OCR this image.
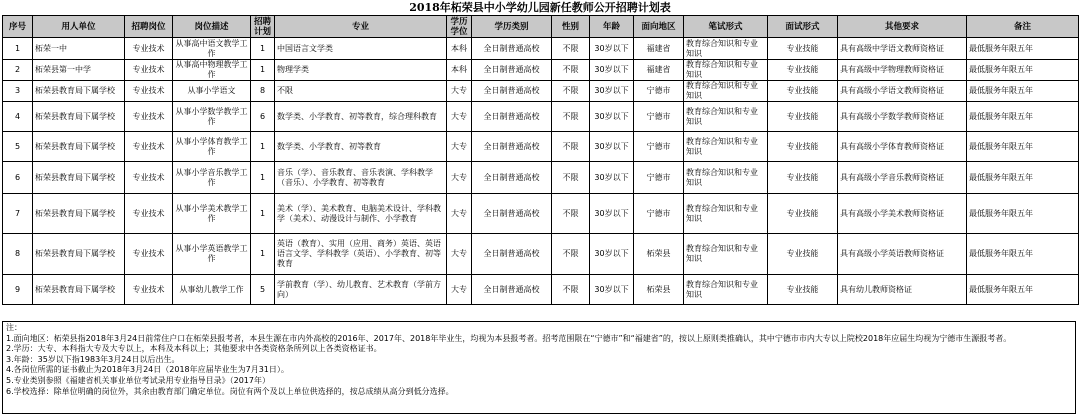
2018年柘荣县中小学幼儿园新任教师公开招聘计划表
序号	用人单位	招聘岗位	岗位描述	招聘计划	专业	学历学位	学历类别	性别	年龄	面向地区	笔试形式	面试形式	其他要求	备注
1	柘荣一中	专业技术	从事高中语文教学工作	1	中国语言文学类	本科	全日制普通高校	不限	30岁以下	福建省	教育综合知识和专业知识	专业技能	具有高级中学语文教师资格证	最低服务年限五年
2	柘荣县第一中学	专业技术	从事高中物理教学工作	1	物理学类	本科	全日制普通高校	不限	30岁以下	福建省	教育综合知识和专业知识	专业技能	具有高级中学物理教师资格证	最低服务年限五年
3	柘荣县教育局下属学校	专业技术	从事小学语文	8	不限	大专	全日制普通高校	不限	30岁以下	宁德市	教育综合知识和专业知识	专业技能	具有高级小学语文教师资格证	最低服务年限五年
4	柘荣县教育局下属学校	专业技术	从事小学数学教学工作	6	数学类、小学教育、初等教育，综合理科教育	大专	全日制普通高校	不限	30岁以下	宁德市	教育综合知识和专业知识	专业技能	具有高级小学数学教师资格证	最低服务年限五年
5	柘荣县教育局下属学校	专业技术	从事小学体育教学工作	1	数学类、小学教育、初等教育	大专	全日制普通高校	不限	30岁以下	宁德市	教育综合知识和专业知识	专业技能	具有高级小学体育教师资格证	最低服务年限五年
6	柘荣县教育局下属学校	专业技术	从事小学音乐教学工作	1	音乐（学）、音乐教育、音乐表演、学科教学（音乐）、小学教育、初等教育	大专	全日制普通高校	不限	30岁以下	宁德市	教育综合知识和专业知识	专业技能	具有高级小学音乐教师资格证	最低服务年限五年
7	柘荣县教育局下属学校	专业技术	从事小学美术教学工作	1	美术（学）、美术教育、电脑美术设计、学科教学（美术）、动漫设计与制作、小学教育	大专	全日制普通高校	不限	30岁以下	宁德市	教育综合知识和专业知识	专业技能	具有高级小学美术教师资格证	最低服务年限五年
8	柘荣县教育局下属学校	专业技术	从事小学英语教学工作	1	英语（教育）、实用（应用、商务）英语、英语语言文学、学科教学（英语）、小学教育、初等教育	大专	全日制普通高校	不限	30岁以下	柘荣县	教育综合知识和专业知识	专业技能	具有高级小学英语教师资格证	最低服务年限五年
9	柘荣县教育局下属学校	专业技术	从事幼儿教学工作	5	学前教育（学）、幼儿教育、艺术教育（学前方向）	大专	全日制普通高校	不限	30岁以下	柘荣县	教育综合知识和专业知识	专业技能	具有幼儿教师资格证	最低服务年限五年
注：
1.面向地区：柘荣县指2018年3月24日前常住户口在柘荣县报考者，本县生源在市内外高校的2016年、2017年、2018年毕业生，均视为本县报考者。招考范围限在“宁德市”和“福建省”的，按以上原则类推确认，其中宁德市市内大专以上院校2018年应届生均视为宁德市生源报考者。
2.学历：大专、本科指大专及大专以上，本科及本科以上；其他要求中各类资格条所列以上各类资格证书。
3.年龄：35岁以下指1983年3月24日以后出生。
4.各岗位所需的证书截止为2018年3月24日（2018年应届毕业生为7月31日）。
5.专业类别参照《福建省机关事业单位考试录用专业指导目录》（2017年）
6.学校选择：除单位明确的岗位外，其余由教育部门确定单位。岗位有两个及以上单位供选择的，按总成绩从高分到低分选择。
